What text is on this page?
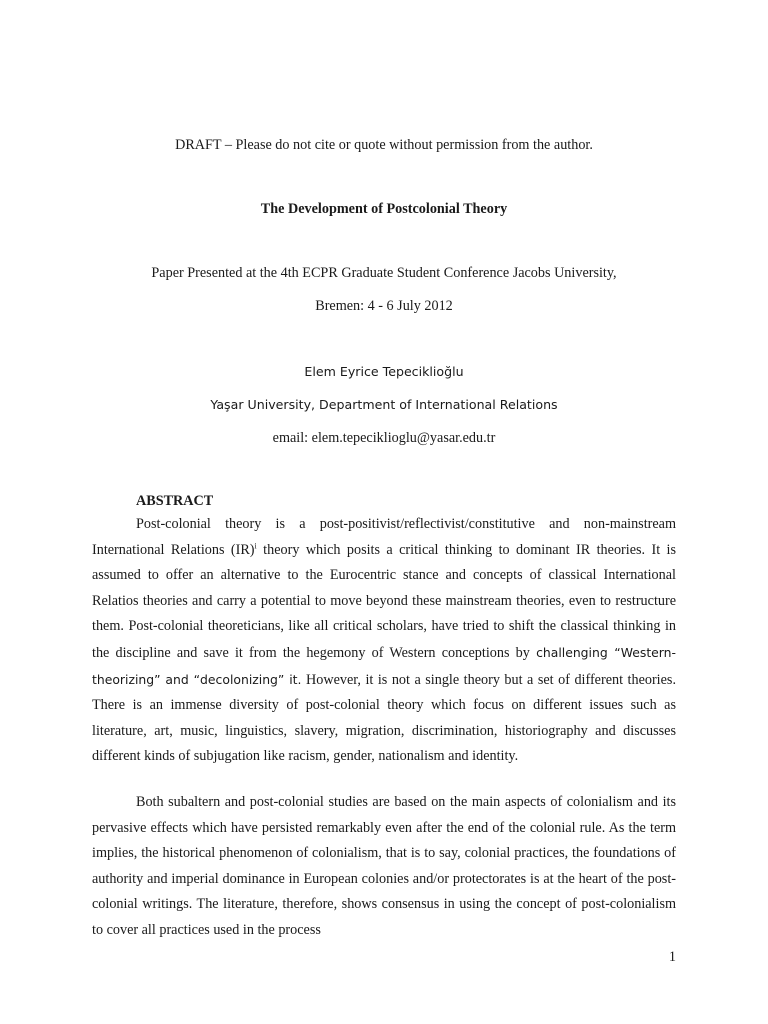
DRAFT – Please do not cite or quote without permission from the author.
The Development of Postcolonial Theory
Paper Presented at the 4th ECPR Graduate Student Conference Jacobs University,
Bremen: 4 - 6 July 2012
Elem Eyrice Tepeciklioğlu
Yaşar University, Department of International Relations
email: elem.tepeciklioglu@yasar.edu.tr
ABSTRACT

Post-colonial theory is a post-positivist/reflectivist/constitutive and non-mainstream International Relations (IR)$^i$ theory which posits a critical thinking to dominant IR theories. It is assumed to offer an alternative to the Eurocentric stance and concepts of classical International Relatios theories and carry a potential to move beyond these mainstream theories, even to restructure them. Post-colonial theoreticians, like all critical scholars, have tried to shift the classical thinking in the discipline and save it from the hegemony of Western conceptions by challenging “Western-theorizing” and “decolonizing” it. However, it is not a single theory but a set of different theories. There is an immense diversity of post-colonial theory which focus on different issues such as literature, art, music, linguistics, slavery, migration, discrimination, historiography and discusses different kinds of subjugation like racism, gender, nationalism and identity.

Both subaltern and post-colonial studies are based on the main aspects of colonialism and its pervasive effects which have persisted remarkably even after the end of the colonial rule. As the term implies, the historical phenomenon of colonialism, that is to say, colonial practices, the foundations of authority and imperial dominance in European colonies and/or protectorates is at the heart of the post-colonial writings. The literature, therefore, shows consensus in using the concept of post-colonialism to cover all practices used in the process

1
